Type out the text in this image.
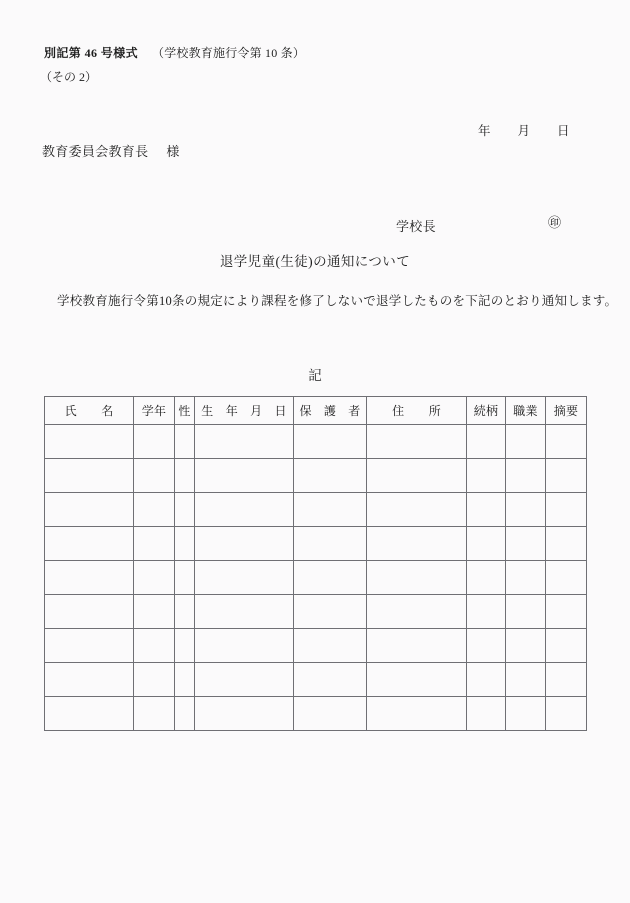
別記第 46 号様式 （学校教育施行令第 10 条）
（その 2）
年 月 日
教育委員会教育長 様
学校長	㊞
退学児童(生徒)の通知について
学校教育施行令第10条の規定により課程を修了しないで退学したものを下記のとおり通知します。
記
氏　　名	学年	性	生　年　月　日	保　護　者	住　　所	続柄	職業	摘要
